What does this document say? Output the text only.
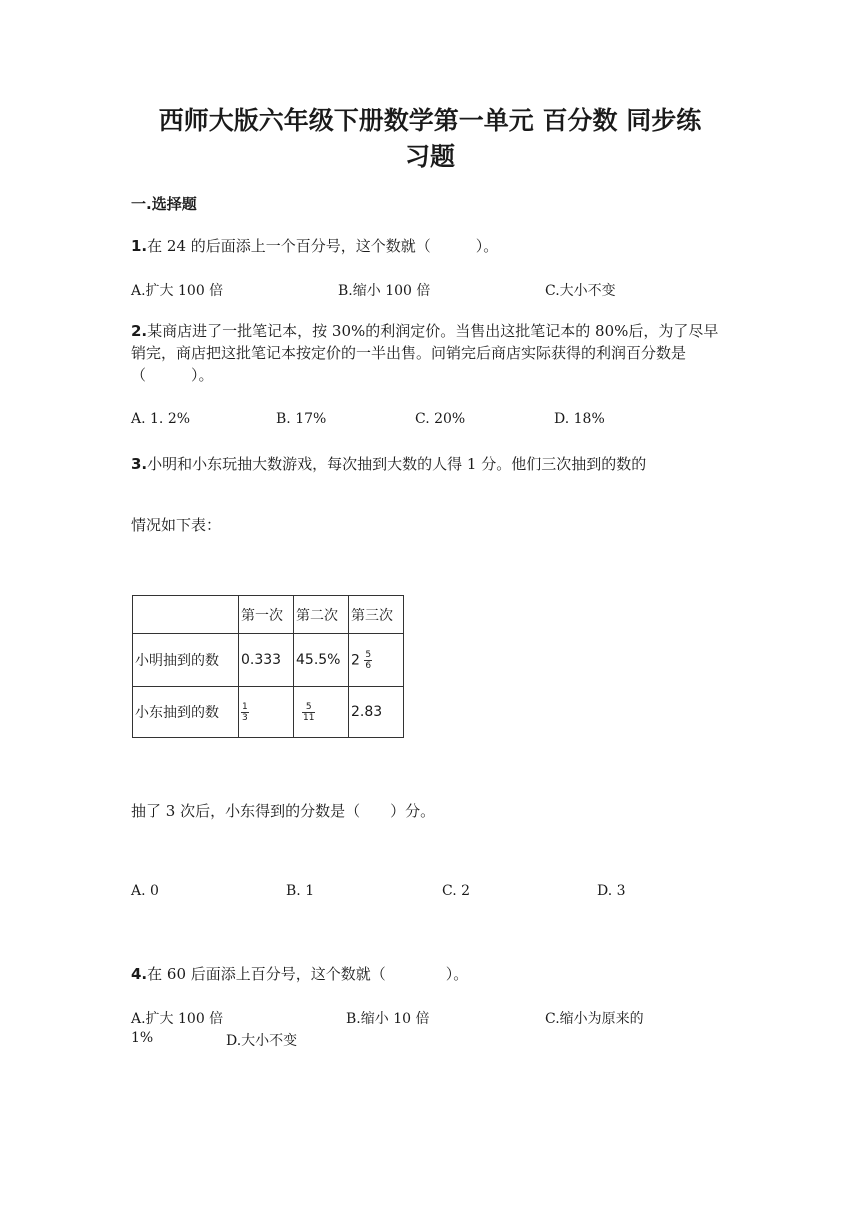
西师大版六年级下册数学第一单元 百分数 同步练
习题
一.选择题
1.在 24 的后面添上一个百分号，这个数就（　　　）。
A.扩大 100 倍	B.缩小 100 倍	C.大小不变
2.某商店进了一批笔记本，按 30%的利润定价。当售出这批笔记本的 80%后，为了尽早销完，商店把这批笔记本按定价的一半出售。问销完后商店实际获得的利润百分数是（　　　）。
A. 1. 2%	B. 17%	C. 20%	D. 18%
3.小明和小东玩抽大数游戏，每次抽到大数的人得 1 分。他们三次抽到的数的
情况如下表：
	第一次	第二次	第三次
小明抽到的数	0.333	45.5%	$2 \frac{5}{6}$

小东抽到的数	$\frac{1}{3}$	$\frac{5}{11}$	2.83
抽了 3 次后，小东得到的分数是（　　）分。
A. 0	B. 1	C. 2	D. 3
4.在 60 后面添上百分号，这个数就（　　　　）。
A.扩大 100 倍	B.缩小 10 倍	C.缩小为原来的
1%	D.大小不变
